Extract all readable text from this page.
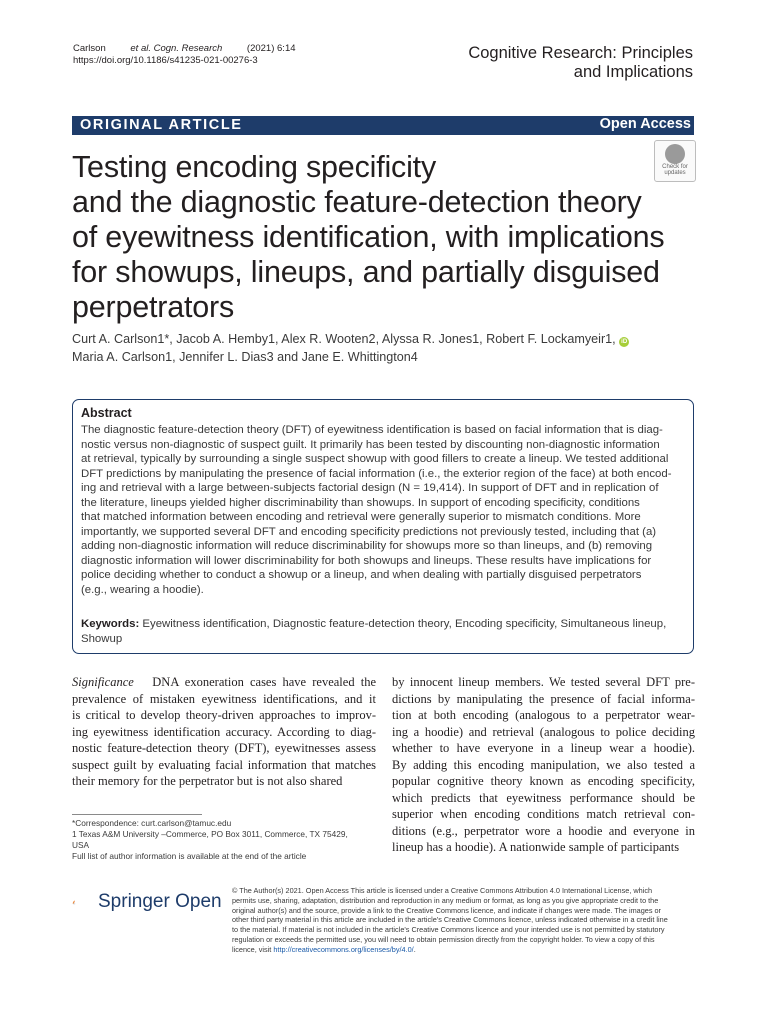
Carlson et al. Cogn. Research	(2021) 6:14
https://doi.org/10.1186/s41235-021-00276-3	Cognitive Research: Principles
and Implications
ORIGINAL ARTICLE	Open Access
Testing encoding specificity
and the diagnostic feature-detection theory
of eyewitness identification, with implications
for showups, lineups, and partially disguised
perpetrators
Check for
updates
Curt A. Carlson1*, Jacob A. Hemby1, Alex R. Wooten2, Alyssa R. Jones1, Robert F. Lockamyeir1, iD
Maria A. Carlson1, Jennifer L. Dias3 and Jane E. Whittington4
Abstract
The diagnostic feature-detection theory (DFT) of eyewitness identification is based on facial information that is diag-
nostic versus non-diagnostic of suspect guilt. It primarily has been tested by discounting non-diagnostic information
at retrieval, typically by surrounding a single suspect showup with good fillers to create a lineup. We tested additional
DFT predictions by manipulating the presence of facial information (i.e., the exterior region of the face) at both encod-
ing and retrieval with a large between-subjects factorial design (N = 19,414). In support of DFT and in replication of
the literature, lineups yielded higher discriminability than showups. In support of encoding specificity, conditions
that matched information between encoding and retrieval were generally superior to mismatch conditions. More
importantly, we supported several DFT and encoding specificity predictions not previously tested, including that (a)
adding non-diagnostic information will reduce discriminability for showups more so than lineups, and (b) removing
diagnostic information will lower discriminability for both showups and lineups. These results have implications for
police deciding whether to conduct a showup or a lineup, and when dealing with partially disguised perpetrators
(e.g., wearing a hoodie).
Keywords: Eyewitness identification, Diagnostic feature-detection theory, Encoding specificity, Simultaneous lineup, Showup
Significance DNA exoneration cases have revealed the
prevalence of mistaken eyewitness identifications, and it
is critical to develop theory-driven approaches to improv-
ing eyewitness identification accuracy. According to diag-
nostic feature-detection theory (DFT), eyewitnesses assess
suspect guilt by evaluating facial information that matches
their memory for the perpetrator but is not also shared
by innocent lineup members. We tested several DFT pre-
dictions by manipulating the presence of facial informa-
tion at both encoding (analogous to a perpetrator wear-
ing a hoodie) and retrieval (analogous to police deciding
whether to have everyone in a lineup wear a hoodie).
By adding this encoding manipulation, we also tested a
popular cognitive theory known as encoding specificity,
which predicts that eyewitness performance should be
superior when encoding conditions match retrieval con-
ditions (e.g., perpetrator wore a hoodie and everyone in
lineup has a hoodie). A nationwide sample of participants
*Correspondence: curt.carlson@tamuc.edu
1 Texas A&M University –Commerce, PO Box 3011, Commerce, TX 75429,
USA
Full list of author information is available at the end of the article
Springer Open
© The Author(s) 2021. Open Access This article is licensed under a Creative Commons Attribution 4.0 International License, which
permits use, sharing, adaptation, distribution and reproduction in any medium or format, as long as you give appropriate credit to the
original author(s) and the source, provide a link to the Creative Commons licence, and indicate if changes were made. The images or
other third party material in this article are included in the article's Creative Commons licence, unless indicated otherwise in a credit line
to the material. If material is not included in the article's Creative Commons licence and your intended use is not permitted by statutory
regulation or exceeds the permitted use, you will need to obtain permission directly from the copyright holder. To view a copy of this
licence, visit http://creativecommons.org/licenses/by/4.0/.
